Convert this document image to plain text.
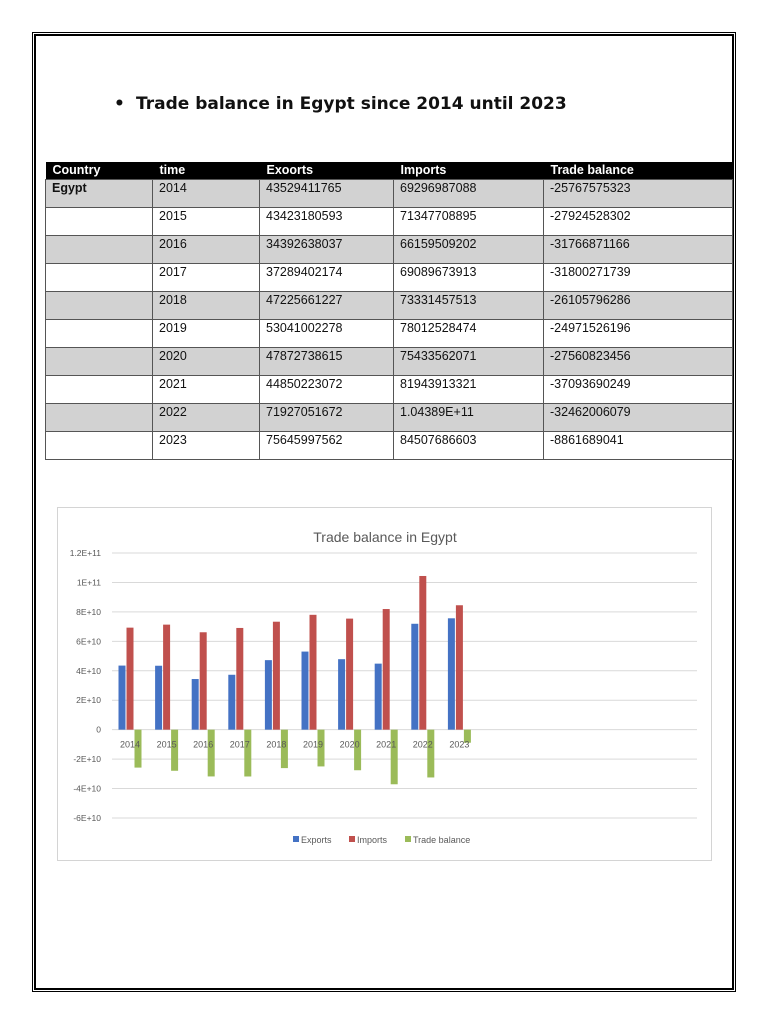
• Trade balance in Egypt since 2014 until 2023
Country	time	Exoorts	Imports	Trade balance
Egypt	2014	43529411765	69296987088	-25767575323
	2015	43423180593	71347708895	-27924528302
	2016	34392638037	66159509202	-31766871166
	2017	37289402174	69089673913	-31800271739
	2018	47225661227	73331457513	-26105796286
	2019	53041002278	78012528474	-24971526196
	2020	47872738615	75433562071	-27560823456
	2021	44850223072	81943913321	-37093690249
	2022	71927051672	1.04389E+11	-32462006079
	2023	75645997562	84507686603	-8861689041
Trade balance in Egypt
1.2E+11
1E+11
8E+10
6E+10
4E+10
2E+10
0
-2E+10
-4E+10
-6E+10
2014 2015 2016 2017 2018 2019 2020 2021 2022 2023
Exports	Imports	Trade balance
